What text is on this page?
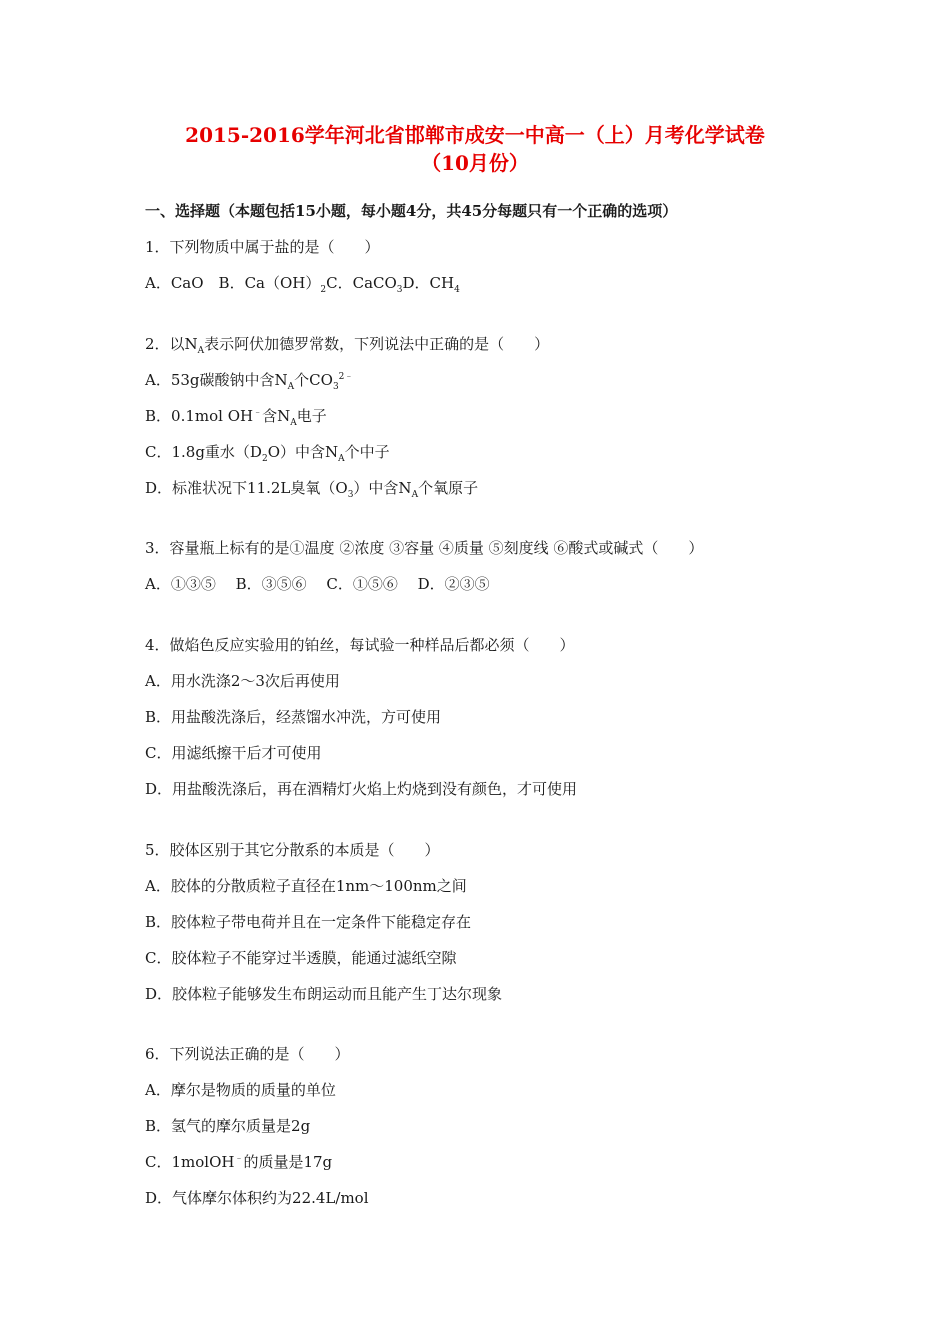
2015-2016学年河北省邯郸市成安一中高一（上）月考化学试卷
（10月份）
一、选择题（本题包括15小题，每小题4分，共45分每题只有一个正确的选项）
1．下列物质中属于盐的是（　　）
A．CaO　B．$Ca(OH)_2C$．CaCO$_3$D．$CH_4$
2．以$N_A$表示阿伏加德罗常数，下列说法中正确的是（　　）
A．53g碳酸钠中含$N_A$个$CO_3^{2﹣}$
B．0.1mol OH﹣含$N_A$电子
C．1.8g重水$(D_2O)$中含$N_A$个中子
D．标准状况下11.2L臭氧$(O_3)$中含$N_A$个氧原子
3．容量瓶上标有的是①温度 ②浓度 ③容量 ④质量 ⑤刻度线 ⑥酸式或碱式（　　）
A．①③⑤　 B．③⑤⑥　 C．①⑤⑥　 D．②③⑤
4．做焰色反应实验用的铂丝，每试验一种样品后都必须（　　）
A．用水洗涤2～3次后再使用
B．用盐酸洗涤后，经蒸馏水冲洗，方可使用
C．用滤纸擦干后才可使用
D．用盐酸洗涤后，再在酒精灯火焰上灼烧到没有颜色，才可使用
5．胶体区别于其它分散系的本质是（　　）
A．胶体的分散质粒子直径在1nm～100nm之间
B．胶体粒子带电荷并且在一定条件下能稳定存在
C．胶体粒子不能穿过半透膜，能通过滤纸空隙
D．胶体粒子能够发生布朗运动而且能产生丁达尔现象
6．下列说法正确的是（　　）
A．摩尔是物质的质量的单位
B．氢气的摩尔质量是2g
C．1molOH﹣的质量是17g
D．气体摩尔体积约为22.4L/mol
